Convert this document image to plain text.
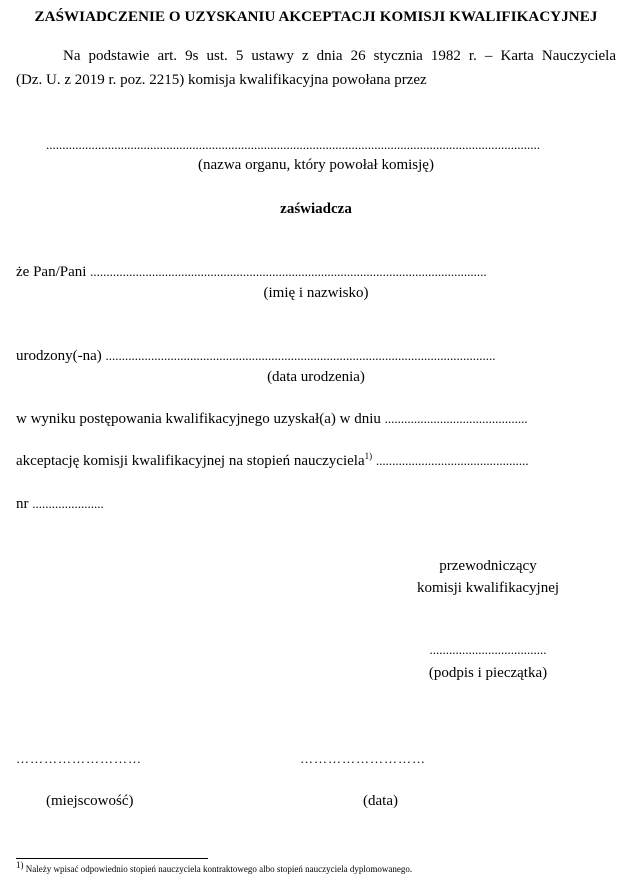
ZAŚWIADCZENIE O UZYSKANIU AKCEPTACJI KOMISJI KWALIFIKACYJNEJ
Na podstawie art. 9s ust. 5 ustawy z dnia 26 stycznia 1982 r. – Karta Nauczyciela
(Dz. U. z 2019 r. poz. 2215) komisja kwalifikacyjna powołana przez
........................................................................................................................................................
(nazwa organu, który powołał komisję)
zaświadcza
że Pan/Pani ..........................................................................................................................
(imię i nazwisko)
urodzony(-na) ........................................................................................................................
(data urodzenia)
w wyniku postępowania kwalifikacyjnego uzyskał(a) w dniu ............................................
akceptację komisji kwalifikacyjnej na stopień nauczyciela$^{1)}$ ...............................................
nr ......................
przewodniczący
komisji kwalifikacyjnej
....................................
(podpis i pieczątka)
………………………
(miejscowość)
………………………
(data)
$^{1)}$ Należy wpisać odpowiednio stopień nauczyciela kontraktowego albo stopień nauczyciela dyplomowanego.
